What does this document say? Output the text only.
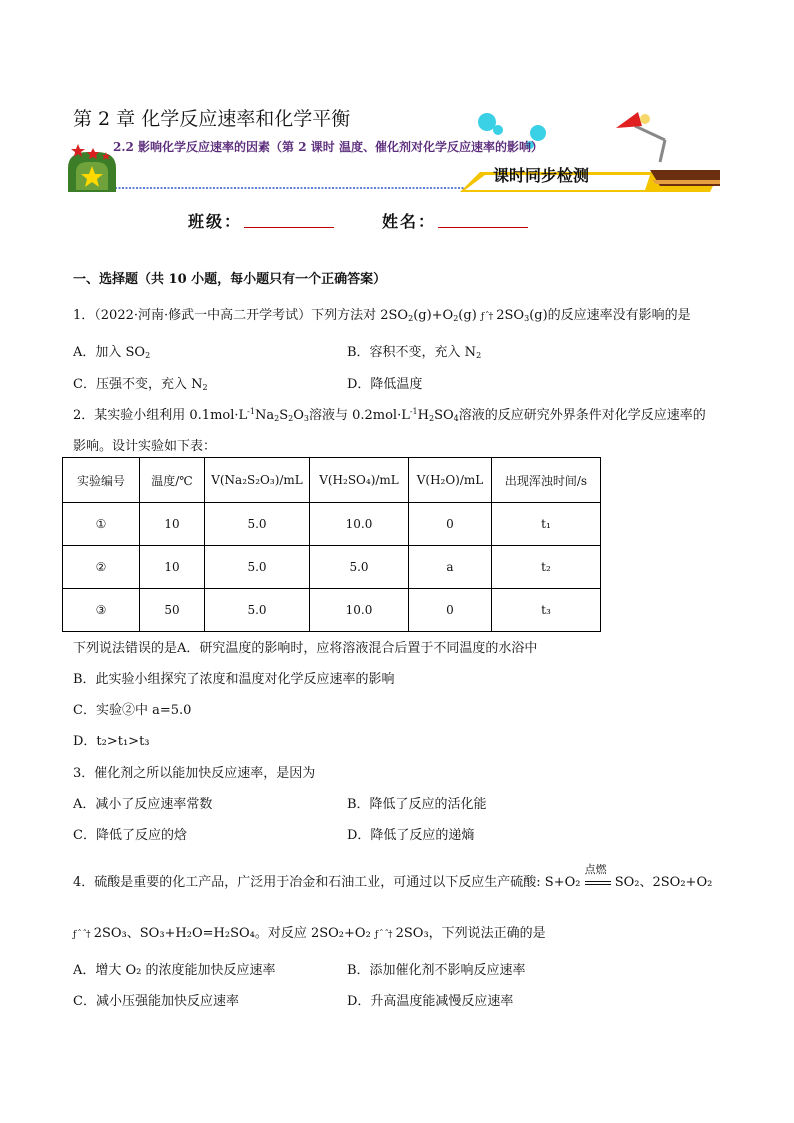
第 2 章 化学反应速率和化学平衡
2.2 影响化学反应速率的因素（第 2 课时 温度、催化剂对化学反应速率的影响）
课时同步检测
班级：	姓名：
一、选择题（共 10 小题，每小题只有一个正确答案）
1．（2022·河南·修武一中高二开学考试）下列方法对 $2SO_2(g)+O_2(g)$ ƒ ˆ† $2SO_3(g)$的反应速率没有影响的是
A．加入 $SO_2$	B．容积不变，充入 $N_2$
C．压强不变，充入 $N_2$	D．降低温度
2．某实验小组利用 $0.1mol\cdot L^{-1}Na_2S_2O_3$溶液与 $0.2mol\cdot L^{-1}H_2SO_4$溶液的反应研究外界条件对化学反应速率的
影响。设计实验如下表：
实验编号	温度/℃	V(Na₂S₂O₃)/mL	V(H₂SO₄)/mL	V(H₂O)/mL	出现浑浊时间/s
①	10	5.0	10.0	0	t₁
②	10	5.0	5.0	a	t₂
③	50	5.0	10.0	0	t₃
下列说法错误的是A．研究温度的影响时，应将溶液混合后置于不同温度的水浴中
B．此实验小组探究了浓度和温度对化学反应速率的影响
C．实验②中 a=5.0
D．t₂>t₁>t₃
3．催化剂之所以能加快反应速率，是因为
A．减小了反应速率常数	B．降低了反应的活化能
C．降低了反应的焓	D．降低了反应的递熵
4．硫酸是重要的化工产品，广泛用于冶金和石油工业，可通过以下反应生产硫酸: S+O₂
点燃
SO₂、2SO₂+O₂
ƒ ˆ ˆ† 2SO₃、SO₃+H₂O=H₂SO₄。对反应 2SO₂+O₂ ƒ ˆ ˆ† 2SO₃，下列说法正确的是
A．增大 O₂ 的浓度能加快反应速率	B．添加催化剂不影响反应速率
C．减小压强能加快反应速率	D．升高温度能减慢反应速率
